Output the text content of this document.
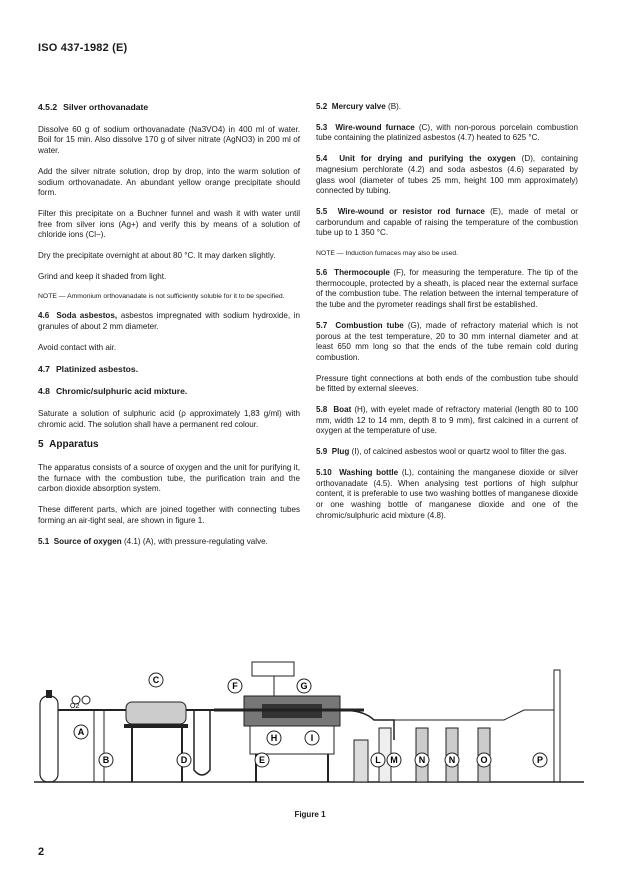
ISO 437-1982 (E)
4.5.2 Silver orthovanadate

Dissolve 60 g of sodium orthovanadate (Na3VO4) in 400 ml of water. Boil for 15 min. Also dissolve 170 g of silver nitrate (AgNO3) in 200 ml of water.

Add the silver nitrate solution, drop by drop, into the warm solution of sodium orthovanadate. An abundant yellow orange precipitate should form.

Filter this precipitate on a Buchner funnel and wash it with water until free from silver ions (Ag+) and verify this by means of a solution of chloride ions (Cl−).

Dry the precipitate overnight at about 80 °C. It may darken slightly.

Grind and keep it shaded from light.

NOTE — Ammonium orthovanadate is not sufficiently soluble for it to be specified.

4.6 Soda asbestos, asbestos impregnated with sodium hydroxide, in granules of about 2 mm diameter.

Avoid contact with air.

4.7 Platinized asbestos.
4.8 Chromic/sulphuric acid mixture.

Saturate a solution of sulphuric acid (ρ approximately 1,83 g/ml) with chromic acid. The solution shall have a permanent red colour.

5 Apparatus

The apparatus consists of a source of oxygen and the unit for purifying it, the furnace with the combustion tube, the purification train and the carbon dioxide absorption system.

These different parts, which are joined together with connecting tubes forming an air-tight seal, are shown in figure 1.

5.1 Source of oxygen (4.1) (A), with pressure-regulating valve.

5.2 Mercury valve (B).

5.3 Wire-wound furnace (C), with non-porous porcelain combustion tube containing the platinized asbestos (4.7) heated to 625 °C.

5.4 Unit for drying and purifying the oxygen (D), containing magnesium perchlorate (4.2) and soda asbestos (4.6) separated by glass wool (diameter of tubes 25 mm, height 100 mm approximately) connected by tubing.

5.5 Wire-wound or resistor rod furnace (E), made of metal or carborundum and capable of raising the temperature of the combustion tube up to 1 350 °C.

NOTE — Induction furnaces may also be used.

5.6 Thermocouple (F), for measuring the temperature. The tip of the thermocouple, protected by a sheath, is placed near the external surface of the combustion tube. The relation between the internal temperature of the tube and the pyrometer readings shall first be established.

5.7 Combustion tube (G), made of refractory material which is not porous at the test temperature, 20 to 30 mm internal diameter and at least 650 mm long so that the ends of the tube remain cold during combustion.

Pressure tight connections at both ends of the combustion tube should be fitted by external sleeves.

5.8 Boat (H), with eyelet made of refractory material (length 80 to 100 mm, width 12 to 14 mm, depth 8 to 9 mm), first calcined in a current of oxygen at the temperature of use.

5.9 Plug (I), of calcined asbestos wool or quartz wool to filter the gas.

5.10 Washing bottle (L), containing the manganese dioxide or silver orthovanadate (4.5). When analysing test portions of high sulphur content, it is preferable to use two washing bottles of manganese dioxide or one washing bottle of manganese dioxide and one of the chromic/sulphuric acid mixture (4.8).

O2
A
B
C
D	E
F	G
H	I
L M N	N	O	P
Figure 1
2
